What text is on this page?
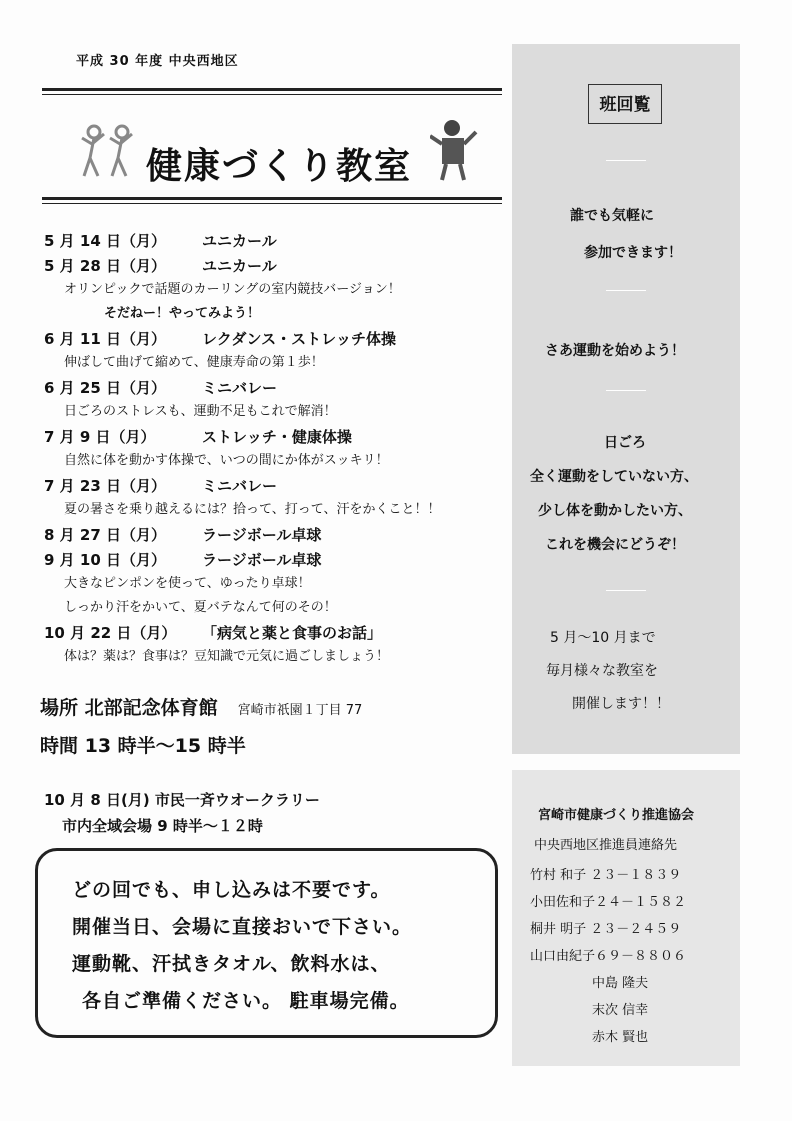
平成 30 年度 中央西地区
健康づくり教室
5 月 14 日（月）	ユニカール
5 月 28 日（月）	ユニカール
オリンピックで話題のカーリングの室内競技バージョン！
そだねー！やってみよう！
6 月 11 日（月）	レクダンス・ストレッチ体操
伸ばして曲げて縮めて、健康寿命の第１歩！
6 月 25 日（月）	ミニバレー
日ごろのストレスも、運動不足もこれで解消！
7 月 9 日（月）	ストレッチ・健康体操
自然に体を動かす体操で、いつの間にか体がスッキリ！
7 月 23 日（月）	ミニバレー
夏の暑さを乗り越えるには？拾って、打って、汗をかくこと！！
8 月 27 日（月）	ラージボール卓球
9 月 10 日（月）	ラージボール卓球
大きなピンポンを使って、ゆったり卓球！
しっかり汗をかいて、夏バテなんて何のその！
10 月 22 日（月）	「病気と薬と食事のお話」
体は？薬は？食事は？豆知識で元気に過ごしましょう！
場所 北部記念体育館 宮崎市祇園１丁目 77
時間 13 時半～15 時半
10 月 8 日(月) 市民一斉ウオークラリー
市内全域会場 9 時半～１２時
どの回でも、申し込みは不要です。
開催当日、会場に直接おいで下さい。
運動靴、汗拭きタオル、飲料水は、
各自ご準備ください。 駐車場完備。
班回覧
誰でも気軽に
参加できます！
さあ運動を始めよう！
日ごろ
全く運動をしていない方、
少し体を動かしたい方、
これを機会にどうぞ！
5 月～10 月まで
毎月様々な教室を
開催します！！
宮崎市健康づくり推進協会
中央西地区推進員連絡先
竹村 和子 ２３－１８３９
小田佐和子２４－１５８２
桐井 明子 ２３－２４５９
山口由紀子６９－８８０６
中島 隆夫
末次 信幸
赤木 賢也
